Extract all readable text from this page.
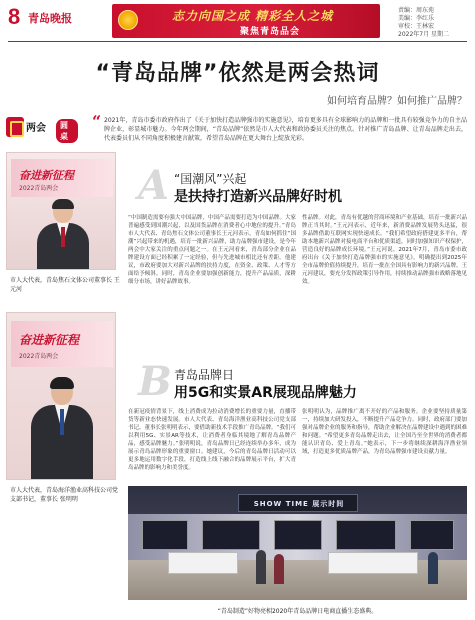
8 青岛晚报	志力向国之成 精彩全人之城
聚焦青岛品会
责编：周东苑
美编：李红乐
审校：王林宏
2022年7月 星期二
“青岛品牌”依然是两会热词
如何培育品牌？如何推广品牌？
两会	圆桌
“ 2021年，青岛市委市政府作出了《关于加快打造品牌强市的实施意见》，培育更多具有全球影响力的品牌和一批具有较强竞争力的自主品牌企业，彰显城市魅力。今年两会期间，“青岛品牌”依然是市人大代表和政协委员关注的焦点。针对推广青岛品牌、让青岛品牌走出去，代表委员们从不同角度积极建言献策，希望青岛品牌在更大舞台上绽放光彩。
奋进新征程
2022青岛两会
市人大代表，青岛焦石文体公司董事长 王元河
奋进新征程
2022青岛两会
市人大代表，青岛海洋渔业高科技公司党支部书记，董事长 张明明
A “国潮风”兴起
是扶持打造新兴品牌好时机
“中国制造需要有强大中国品牌，中国产品需要打造为中国品牌。大家普遍感受到国潮兴起，以及国货品牌在消费者心中地位的提升。”青岛市人大代表、青岛焦石文体公司董事长王元河表示，青岛如何抓住“国潮”兴起带来的机遇，培育一批新兴品牌，助力品牌强市建设，是今年两会中大家关注的重点问题之一。在王元河看来，青岛部分企业在品牌建设方面已经积累了一定经验，但与先进城市相比还有差距。他建议，市政府要加大对新兴品牌的扶持力度，在资金、政策、人才等方面给予倾斜。同时，青岛企业要加强创新能力，提升产品品质，深耕细分市场，讲好品牌故事。
性品牌。对此，青岛有优越的营商环境和产业基础，培育一批新兴品牌正当其时。”王元河表示，近年来，新消费品牌发展势头迅猛，很多品牌借助互联网实现快速成长。“我们希望政府搭建更多平台，帮助本地新兴品牌对接电商平台和优质渠道，同时加强知识产权保护，营造良好的品牌成长环境。”王元河说。2021年7月，青岛市委市政府出台《关于加快打造品牌强市的实施意见》，明确提出到2025年全市品牌价值持续提升，培育一批在全国具有影响力的新兴品牌。王元河建议，要充分发挥政策引导作用，持续推动品牌强市战略落地见效。
B 青岛品牌日
用5G和实景AR展现品牌魅力
在新冠疫情背景下，线上消费成为拉动消费增长的重要力量，直播带货等新业态快速发展。市人大代表、青岛海洋渔业高科技公司党支部书记、董事长张明明表示，要借助新技术手段推广青岛品牌。“我们可以利用5G、实景AR等技术，让消费者身临其境地了解青岛品牌产品，感受品牌魅力。”张明明说，青岛品牌日已经连续举办多年，成为展示青岛品牌形象的重要窗口。她建议，今后的青岛品牌日活动可以更多地运用数字化手段，打造线上线下融合的品牌展示平台，扩大青岛品牌的影响力和美誉度。
张明明认为，品牌推广离不开好的产品和服务。企业要坚持质量第一，持续加大研发投入，不断提升产品竞争力。同时，政府部门要加强对品牌企业的服务和指导，帮助企业解决在品牌建设中遇到的困难和问题。“希望更多青岛品牌走出去，让全国乃至全世界的消费者都能认识青岛、爱上青岛。”她表示，下一步将继续深耕海洋渔业领域，打造更多优质品牌产品，为青岛品牌强市建设贡献力量。
SHOW TIME 展示时间
“青岛制造”好物亮相2020年青岛品牌日电商直播生态盛典。
